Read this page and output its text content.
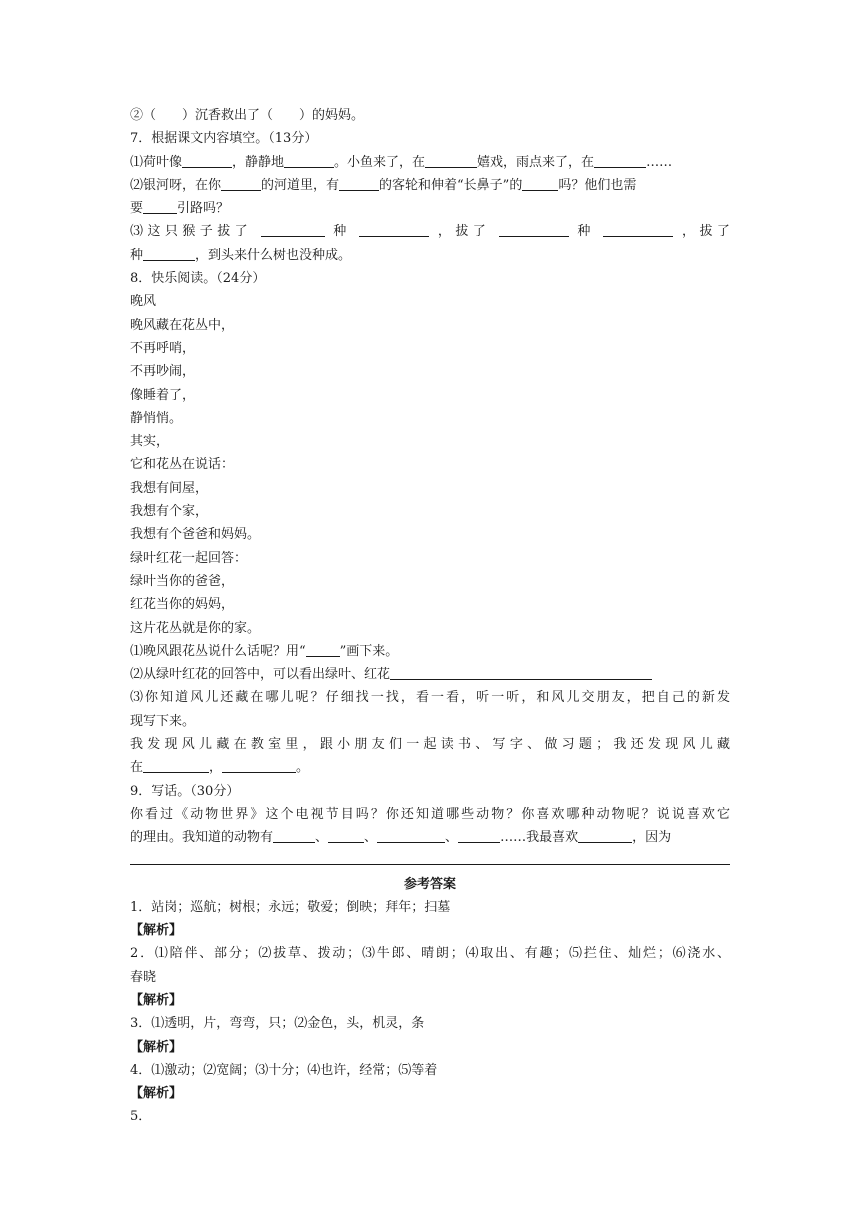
②（　　）沉香救出了（　　）的妈妈。
7．根据课文内容填空。（13分）
⑴荷叶像	，静静地	。小鱼来了，在	嬉戏，雨点来了，在	……
⑵银河呀，在你	的河道里，有	的客轮和伸着“长鼻子”的	吗？他们也需
要	引路吗？
⑶这只猴子拔了	种	，拔了	种	，拔了
种	，到头来什么树也没种成。
8．快乐阅读。（24分）
晚风
晚风藏在花丛中，
不再呼哨，
不再吵闹，
像睡着了，
静悄悄。
其实，
它和花丛在说话：
我想有间屋，
我想有个家，
我想有个爸爸和妈妈。
绿叶红花一起回答：
绿叶当你的爸爸，
红花当你的妈妈，
这片花丛就是你的家。
⑴晚风跟花丛说什么话呢？用“	”画下来。
⑵从绿叶红花的回答中，可以看出绿叶、红花
⑶你知道风儿还藏在哪儿呢？仔细找一找，看一看，听一听，和风儿交朋友，把自己的新发
现写下来。
我发现风儿藏在教室里，跟小朋友们一起读书、写字、做习题；我还发现风儿藏
在	，	。
9．写话。（30分）
你看过《动物世界》这个电视节目吗？你还知道哪些动物？你喜欢哪种动物呢？说说喜欢它
的理由。我知道的动物有	、	、	、	……我最喜欢	，因为
参考答案
1．站岗；巡航；树根；永远；敬爱；倒映；拜年；扫墓
【解析】
2．⑴陪伴、部分；⑵拔草、拨动；⑶牛郎、晴朗；⑷取出、有趣；⑸拦住、灿烂；⑹浇水、
春晓
【解析】
3．⑴透明，片，弯弯，只；⑵金色，头，机灵，条
【解析】
4．⑴激动；⑵宽阔；⑶十分；⑷也许，经常；⑸等着
【解析】
5．
